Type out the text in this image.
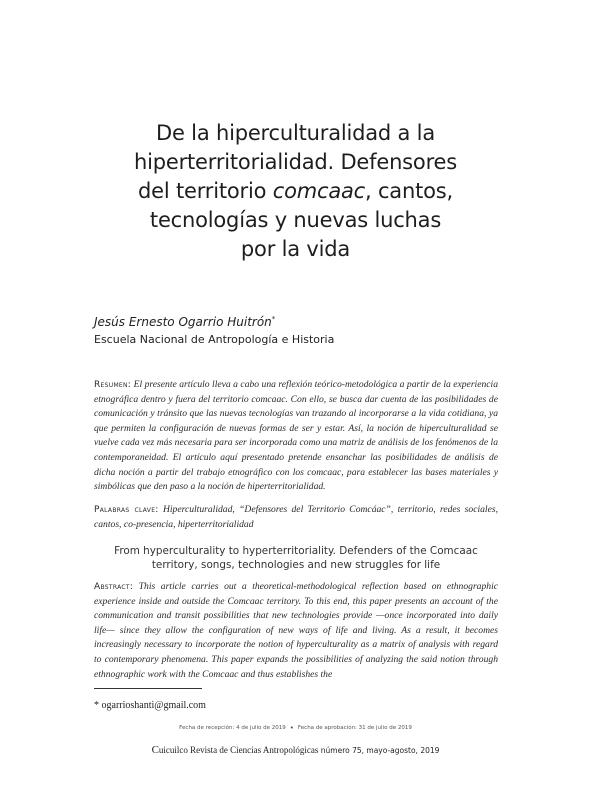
De la hiperculturalidad a la
hiperterritorialidad. Defensores
del territorio comcaac, cantos,
tecnologías y nuevas luchas
por la vida
Jesús Ernesto Ogarrio Huitrón*
Escuela Nacional de Antropología e Historia
Resumen: El presente artículo lleva a cabo una reflexión teórico-metodológica a partir de la experiencia etnográfica dentro y fuera del territorio comcaac. Con ello, se busca dar cuenta de las posibilidades de comunicación y tránsito que las nuevas tecnologías van trazando al incorporarse a la vida cotidiana, ya que permiten la configuración de nuevas formas de ser y estar. Así, la noción de hiperculturalidad se vuelve cada vez más necesaria para ser incorporada como una matriz de análisis de los fenómenos de la contemporaneidad. El artículo aquí presentado pretende ensanchar las posibilidades de análisis de dicha noción a partir del trabajo etnográfico con los comcaac, para establecer las bases materiales y simbólicas que den paso a la noción de hiperterritorialidad.
Palabras clave: Hiperculturalidad, “Defensores del Territorio Comcáac”, territorio, redes sociales, cantos, co-presencia, hiperterritorialidad
From hyperculturality to hyperterritoriality. Defenders of the Comcaac
territory, songs, technologies and new struggles for life
Abstract: This article carries out a theoretical-methodological reflection based on ethnographic experience inside and outside the Comcaac territory. To this end, this paper presents an account of the communication and transit possibilities that new technologies provide —once incorporated into daily life— since they allow the configuration of new ways of life and living. As a result, it becomes increasingly necessary to incorporate the notion of hyperculturality as a matrix of analysis with regard to contemporary phenomena. This paper expands the possibilities of analyzing the said notion through ethnographic work with the Comcaac and thus establishes the
* ogarrioshanti@gmail.com
Fecha de recepción: 4 de julio de 2019 • Fecha de aprobación: 31 de julio de 2019
Cuicuilco Revista de Ciencias Antropológicas número 75, mayo-agosto, 2019
